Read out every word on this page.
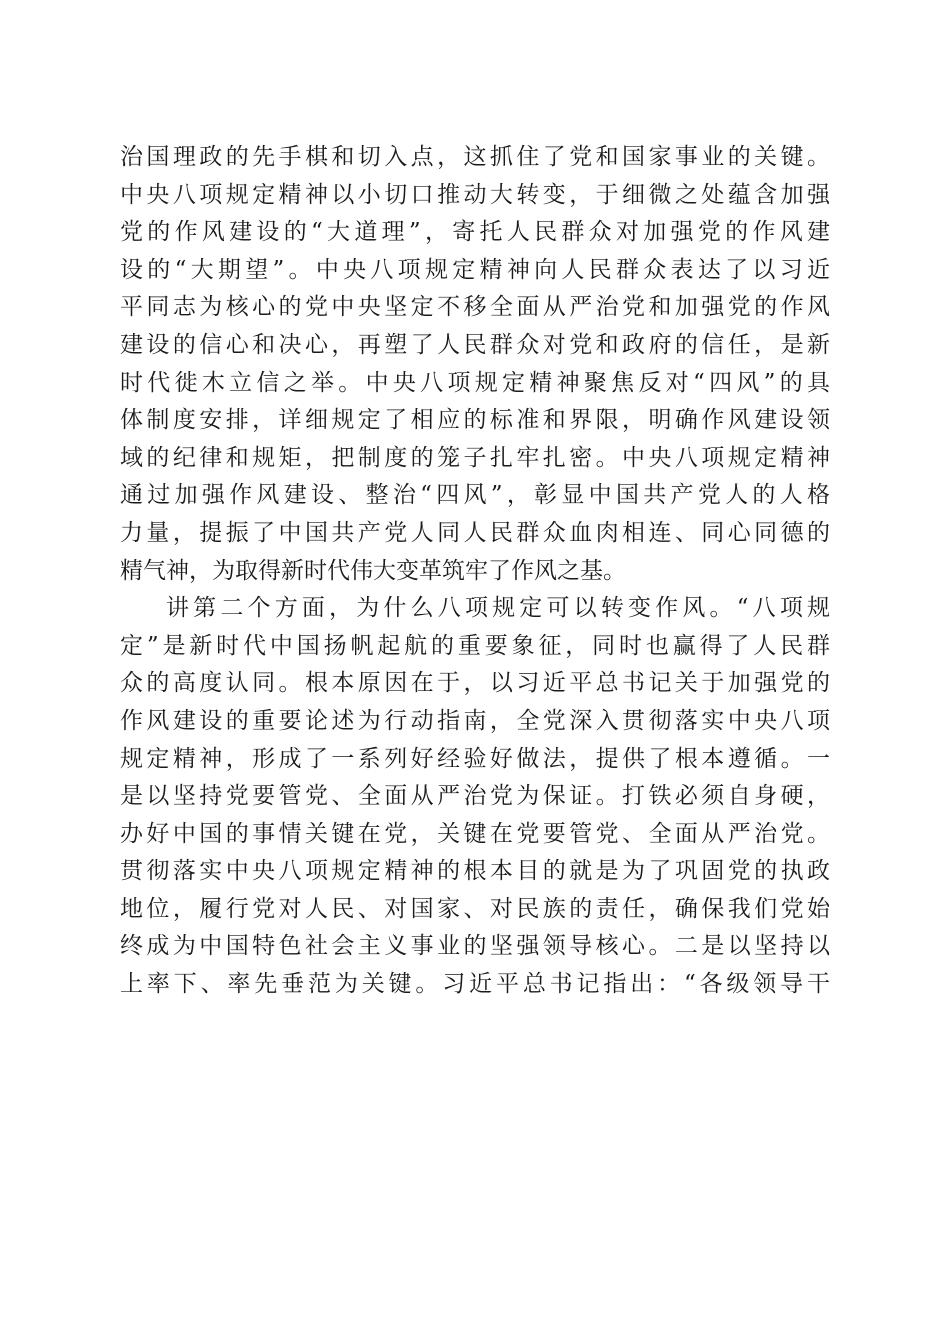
治国理政的先手棋和切入点，这抓住了党和国家事业的关键。
中央八项规定精神以小切口推动大转变，于细微之处蕴含加强
党的作风建设的“大道理”，寄托人民群众对加强党的作风建
设的“大期望”。中央八项规定精神向人民群众表达了以习近
平同志为核心的党中央坚定不移全面从严治党和加强党的作风
建设的信心和决心，再塑了人民群众对党和政府的信任，是新
时代徙木立信之举。中央八项规定精神聚焦反对“四风”的具
体制度安排，详细规定了相应的标准和界限，明确作风建设领
域的纪律和规矩，把制度的笼子扎牢扎密。中央八项规定精神
通过加强作风建设、整治“四风”，彰显中国共产党人的人格
力量，提振了中国共产党人同人民群众血肉相连、同心同德的
精气神，为取得新时代伟大变革筑牢了作风之基。
讲第二个方面，为什么八项规定可以转变作风。“八项规
定”是新时代中国扬帆起航的重要象征，同时也赢得了人民群
众的高度认同。根本原因在于，以习近平总书记关于加强党的
作风建设的重要论述为行动指南，全党深入贯彻落实中央八项
规定精神，形成了一系列好经验好做法，提供了根本遵循。一
是以坚持党要管党、全面从严治党为保证。打铁必须自身硬，
办好中国的事情关键在党，关键在党要管党、全面从严治党。
贯彻落实中央八项规定精神的根本目的就是为了巩固党的执政
地位，履行党对人民、对国家、对民族的责任，确保我们党始
终成为中国特色社会主义事业的坚强领导核心。二是以坚持以
上率下、率先垂范为关键。习近平总书记指出：“各级领导干
